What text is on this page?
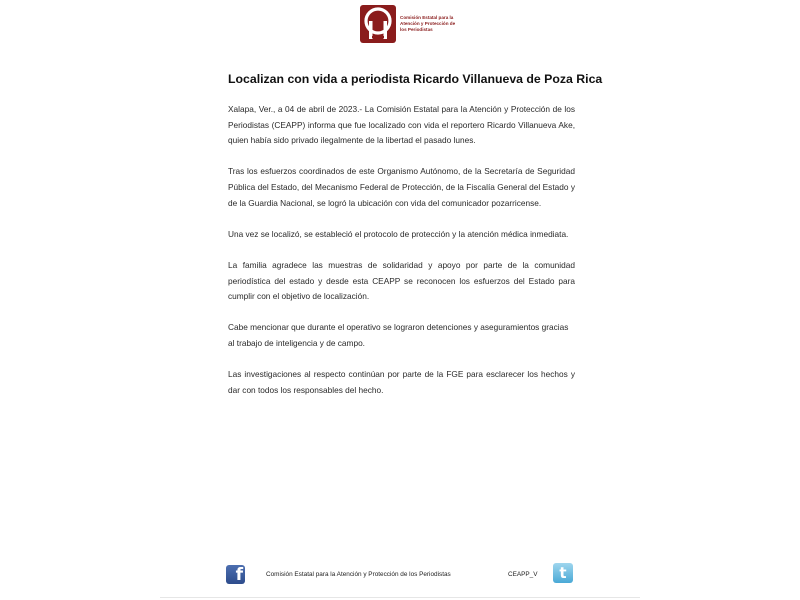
Comisión Estatal para la
Atención y Protección de
los Periodistas
Localizan con vida a periodista Ricardo Villanueva de Poza Rica

Xalapa, Ver., a 04 de abril de 2023.- La Comisión Estatal para la Atención y Protección de los Periodistas (CEAPP) informa que fue localizado con vida el reportero Ricardo Villanueva Ake, quien había sido privado ilegalmente de la libertad el pasado lunes.

Tras los esfuerzos coordinados de este Organismo Autónomo, de la Secretaría de Seguridad Pública del Estado, del Mecanismo Federal de Protección, de la Fiscalía General del Estado y de la Guardia Nacional, se logró la ubicación con vida del comunicador pozarricense.

Una vez se localizó, se estableció el protocolo de protección y la atención médica inmediata.

La familia agradece las muestras de solidaridad y apoyo por parte de la comunidad periodística del estado y desde esta CEAPP se reconocen los esfuerzos del Estado para cumplir con el objetivo de localización.

Cabe mencionar que durante el operativo se lograron detenciones y aseguramientos gracias al trabajo de inteligencia y de campo.

Las investigaciones al respecto continúan por parte de la FGE para esclarecer los hechos y dar con todos los responsables del hecho.

f	Comisión Estatal para la Atención y Protección de los Periodistas	CEAPP_V t
